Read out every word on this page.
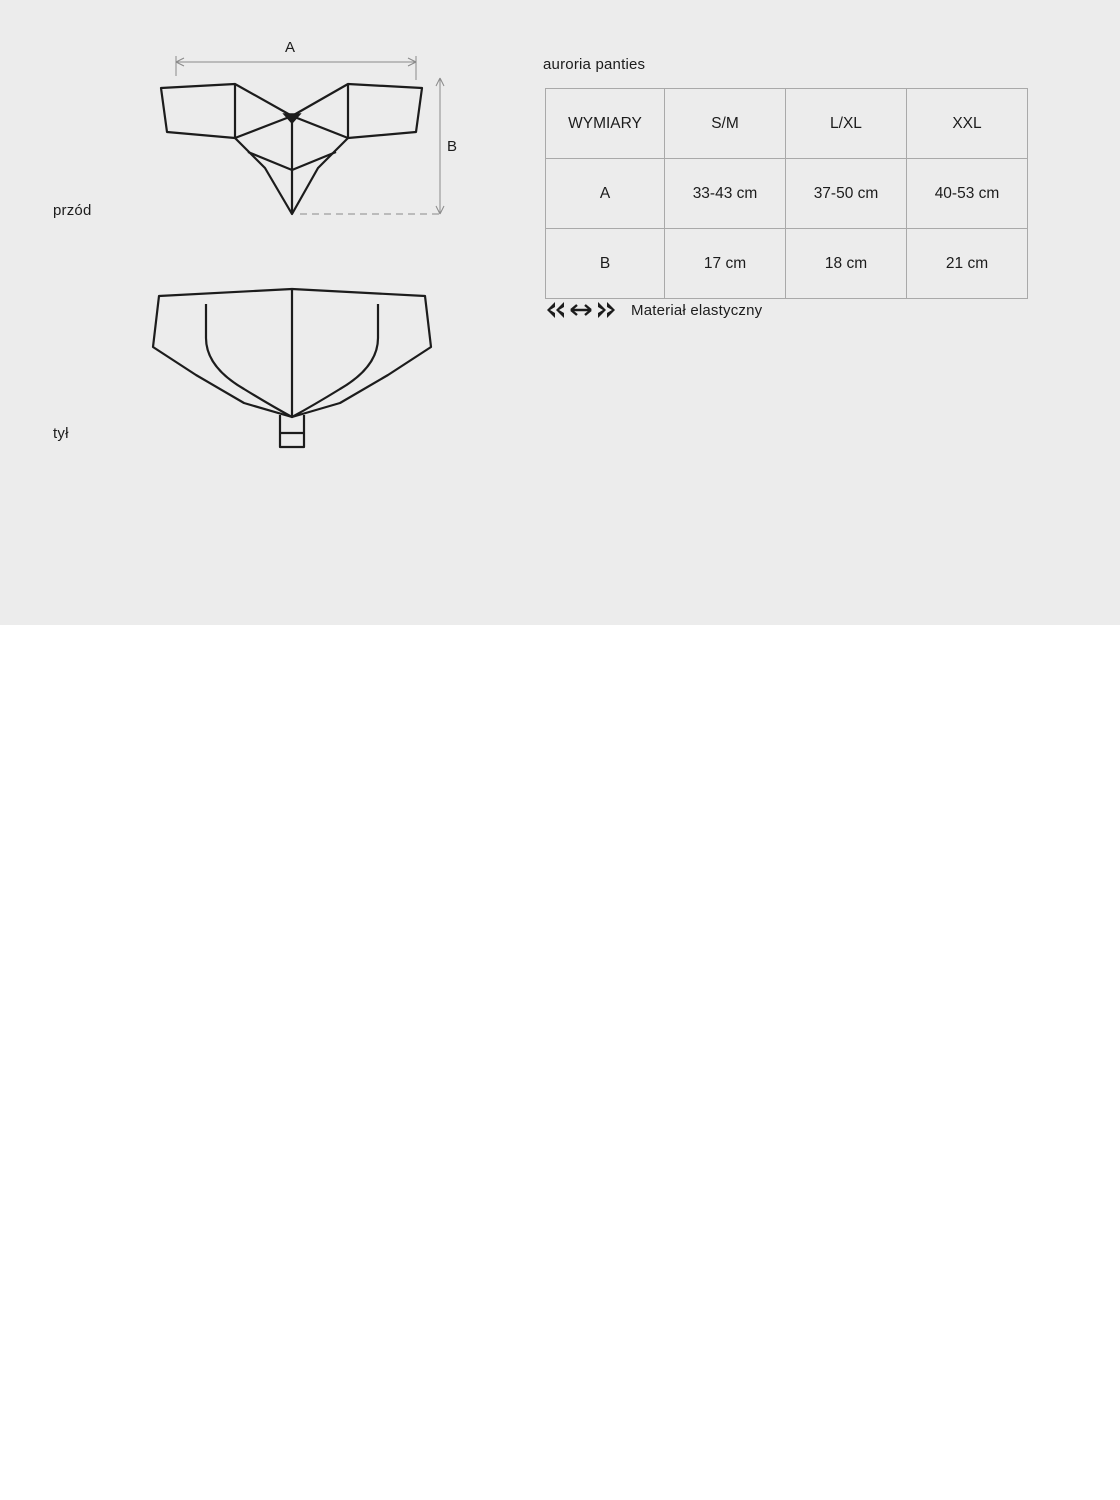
przód
tył
A
B
auroria panties
WYMIARY	S/M	L/XL	XXL
A	33-43 cm	37-50 cm	40-53 cm
B	17 cm	18 cm	21 cm
Materiał elastyczny
